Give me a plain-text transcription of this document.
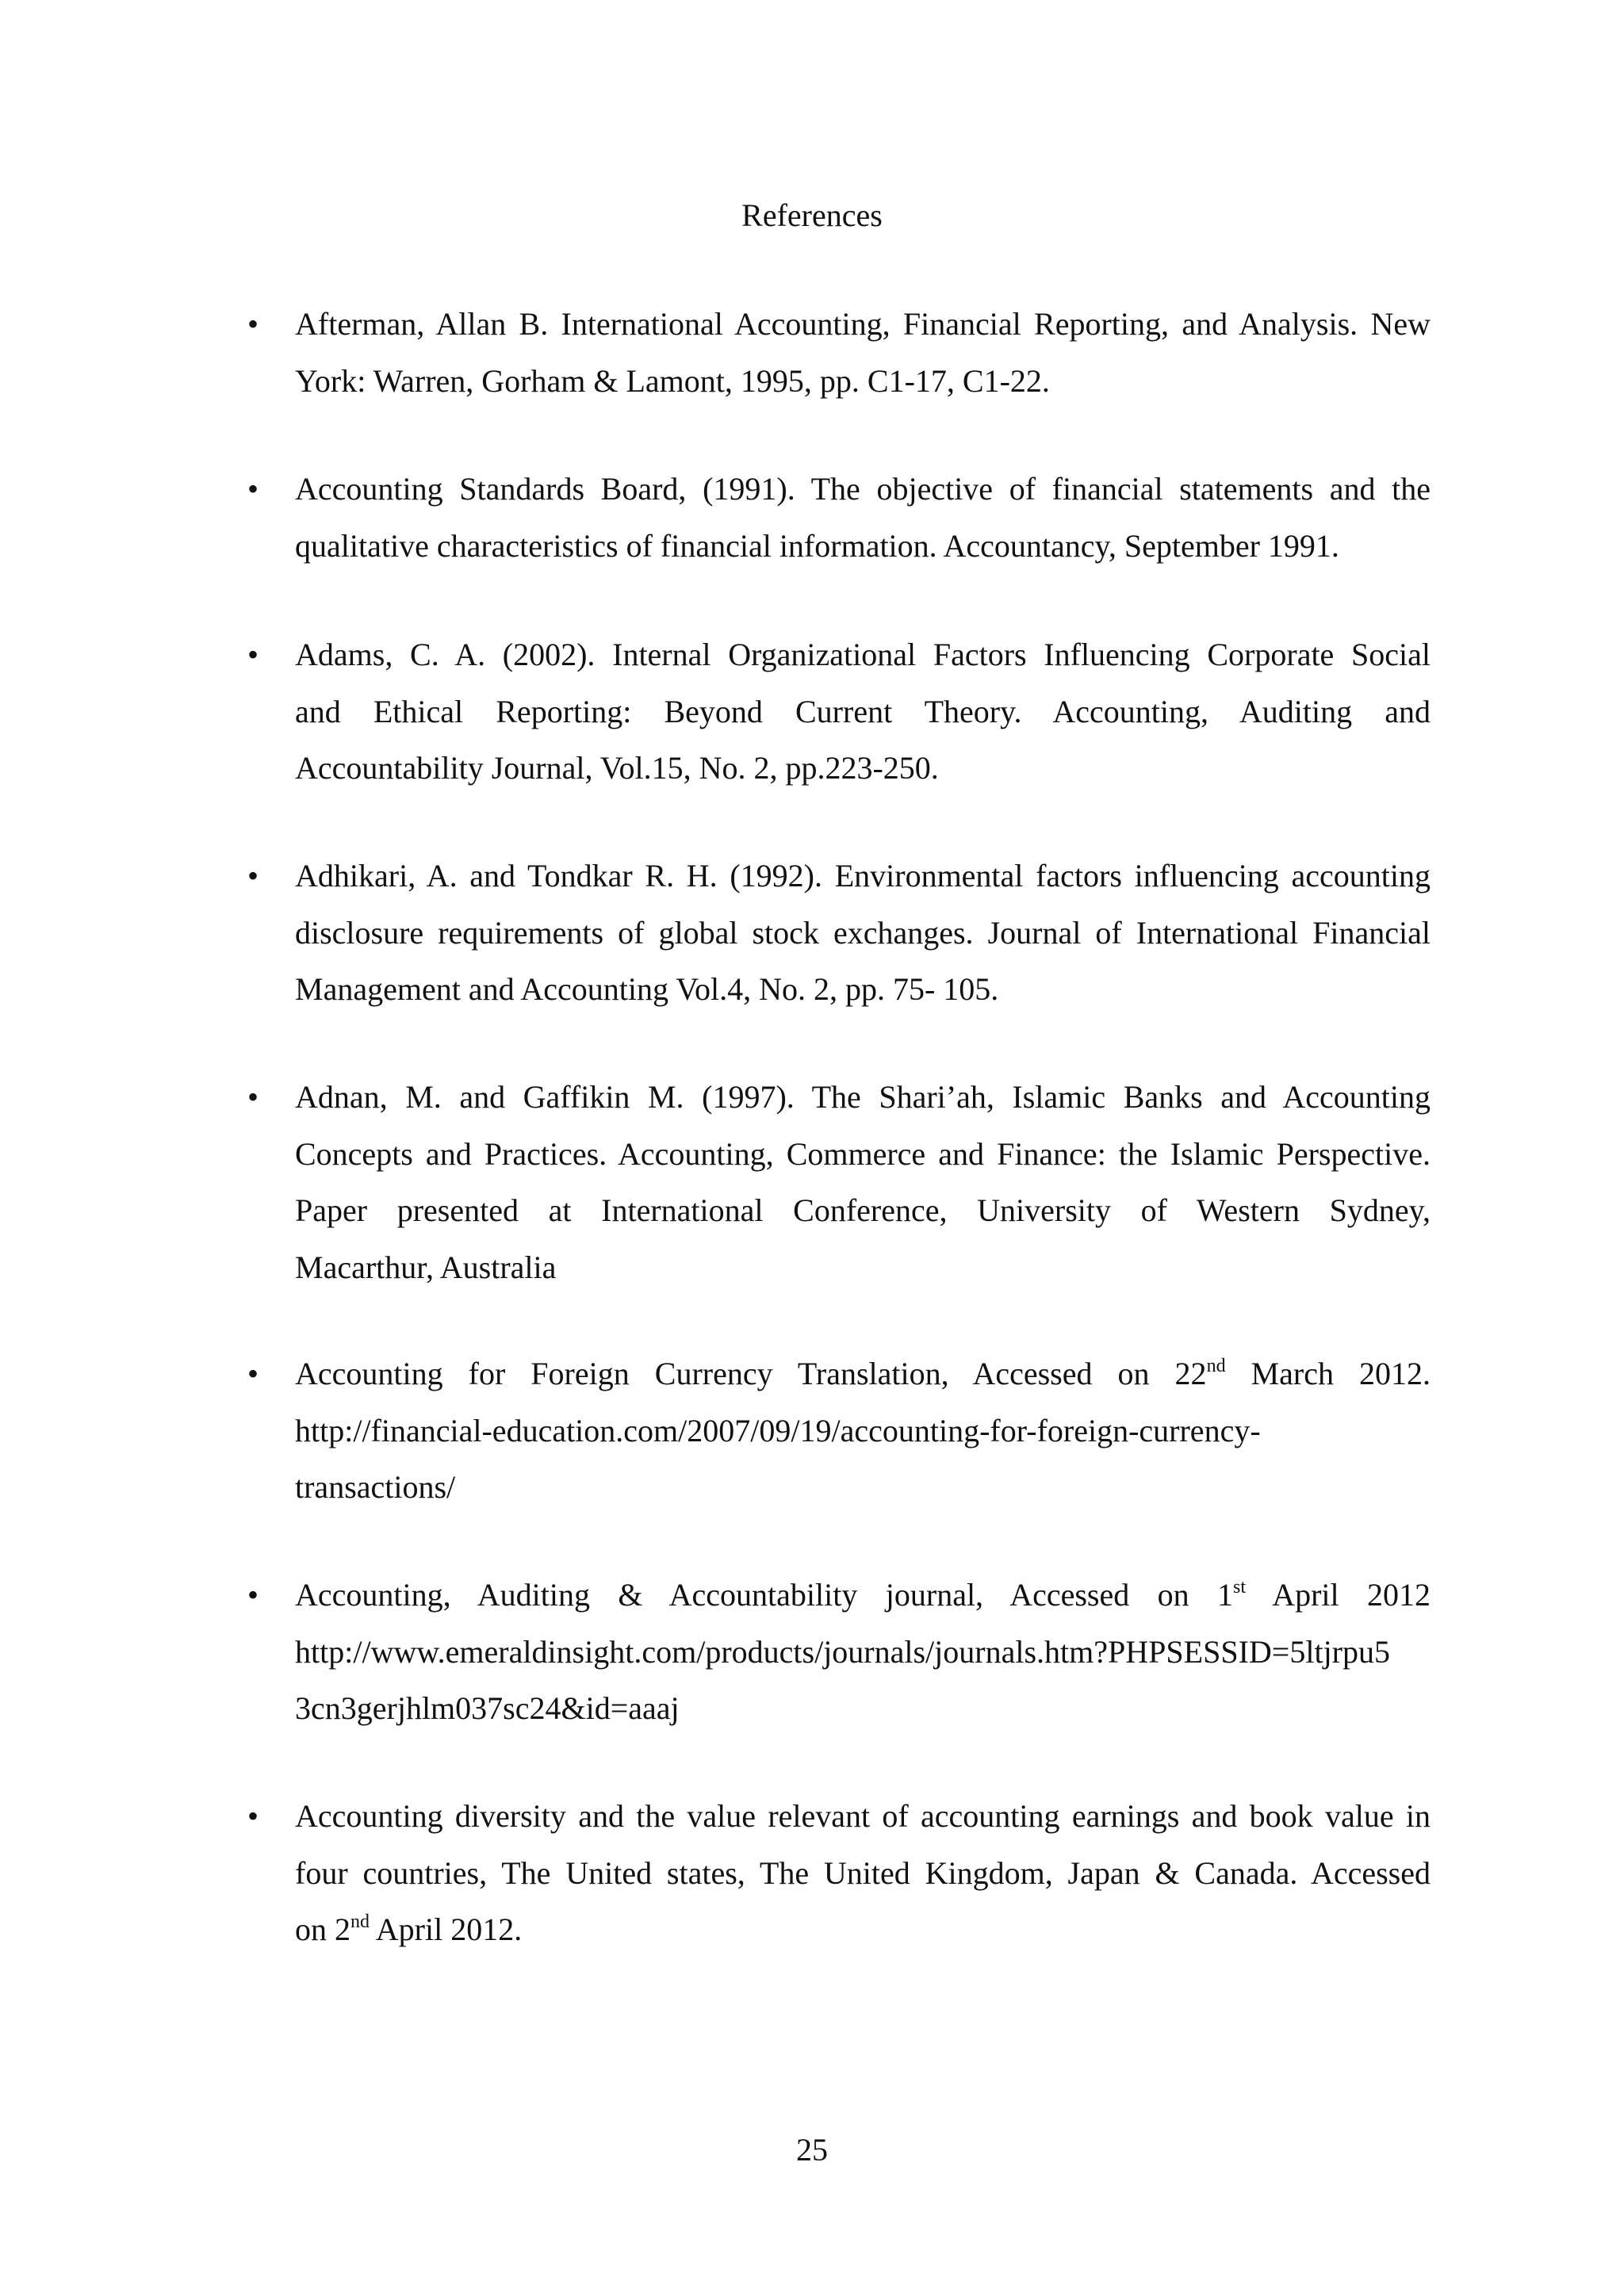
References
• Afterman, Allan B. International Accounting, Financial Reporting, and Analysis. New
York: Warren, Gorham & Lamont, 1995, pp. C1-17, C1-22.
• Accounting Standards Board, (1991). The objective of financial statements and the
qualitative characteristics of financial information. Accountancy, September 1991.
• Adams, C. A. (2002). Internal Organizational Factors Influencing Corporate Social
and Ethical Reporting: Beyond Current Theory. Accounting, Auditing and
Accountability Journal, Vol.15, No. 2, pp.223-250.
• Adhikari, A. and Tondkar R. H. (1992). Environmental factors influencing accounting
disclosure requirements of global stock exchanges. Journal of International Financial
Management and Accounting Vol.4, No. 2, pp. 75- 105.
• Adnan, M. and Gaffikin M. (1997). The Shari’ah, Islamic Banks and Accounting
Concepts and Practices. Accounting, Commerce and Finance: the Islamic Perspective.
Paper presented at International Conference, University of Western Sydney,
Macarthur, Australia
• Accounting for Foreign Currency Translation, Accessed on 22nd March 2012.
http://financial-education.com/2007/09/19/accounting-for-foreign-currency-
transactions/
• Accounting, Auditing & Accountability journal, Accessed on 1st April 2012
http://www.emeraldinsight.com/products/journals/journals.htm?PHPSESSID=5ltjrpu5
3cn3gerjhlm037sc24&id=aaaj
• Accounting diversity and the value relevant of accounting earnings and book value in
four countries, The United states, The United Kingdom, Japan & Canada. Accessed
on 2nd April 2012.
25
